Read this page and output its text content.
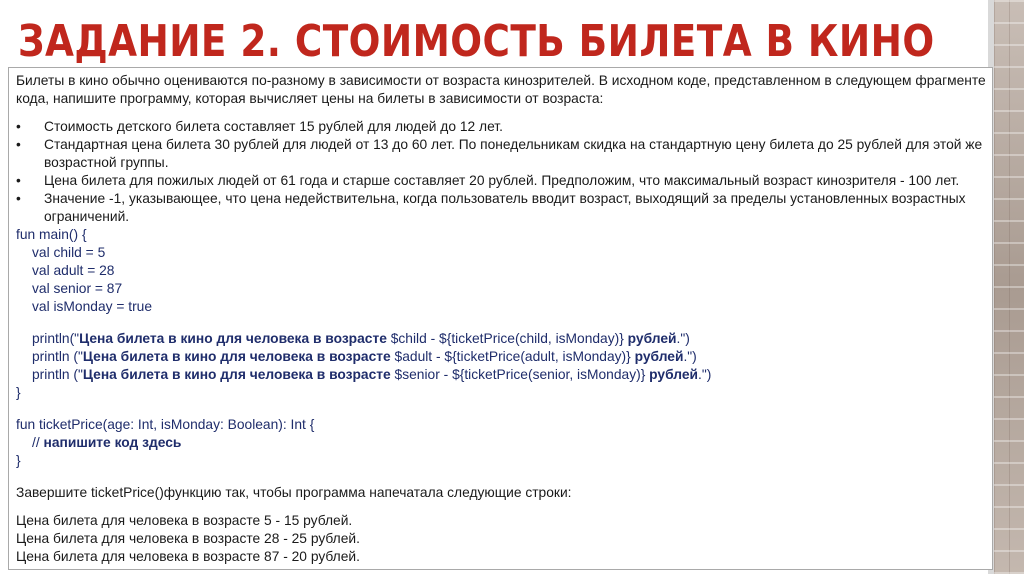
ЗАДАНИЕ 2. СТОИМОСТЬ БИЛЕТА В КИНО

Билеты в кино обычно оцениваются по-разному в зависимости от возраста кинозрителей. В исходном коде, представленном в следующем фрагменте кода, напишите программу, которая вычисляет цены на билеты в зависимости от возраста:

• Стоимость детского билета составляет 15 рублей для людей до 12 лет.
• Стандартная цена билета 30 рублей для людей от 13 до 60 лет. По понедельникам скидка на стандартную цену билета до 25 рублей для этой же возрастной группы.
• Цена билета для пожилых людей от 61 года и старше составляет 20 рублей. Предположим, что максимальный возраст кинозрителя - 100 лет.
• Значение -1, указывающее, что цена недействительна, когда пользователь вводит возраст, выходящий за пределы установленных возрастных ограничений.
fun main() {
val child = 5
val adult = 28
val senior = 87
val isMonday = true
println("Цена билета в кино для человека в возрасте $child - ${ticketPrice(child, isMonday)} рублей.")
println ("Цена билета в кино для человека в возрасте $adult - ${ticketPrice(adult, isMonday)} рублей.")
println ("Цена билета в кино для человека в возрасте $senior - ${ticketPrice(senior, isMonday)} рублей.")
}
fun ticketPrice(age: Int, isMonday: Boolean): Int {
// напишите код здесь
}

Завершите ticketPrice()функцию так, чтобы программа напечатала следующие строки:

Цена билета для человека в возрасте 5 - 15 рублей.

Цена билета для человека в возрасте 28 - 25 рублей.

Цена билета для человека в возрасте 87 - 20 рублей.
